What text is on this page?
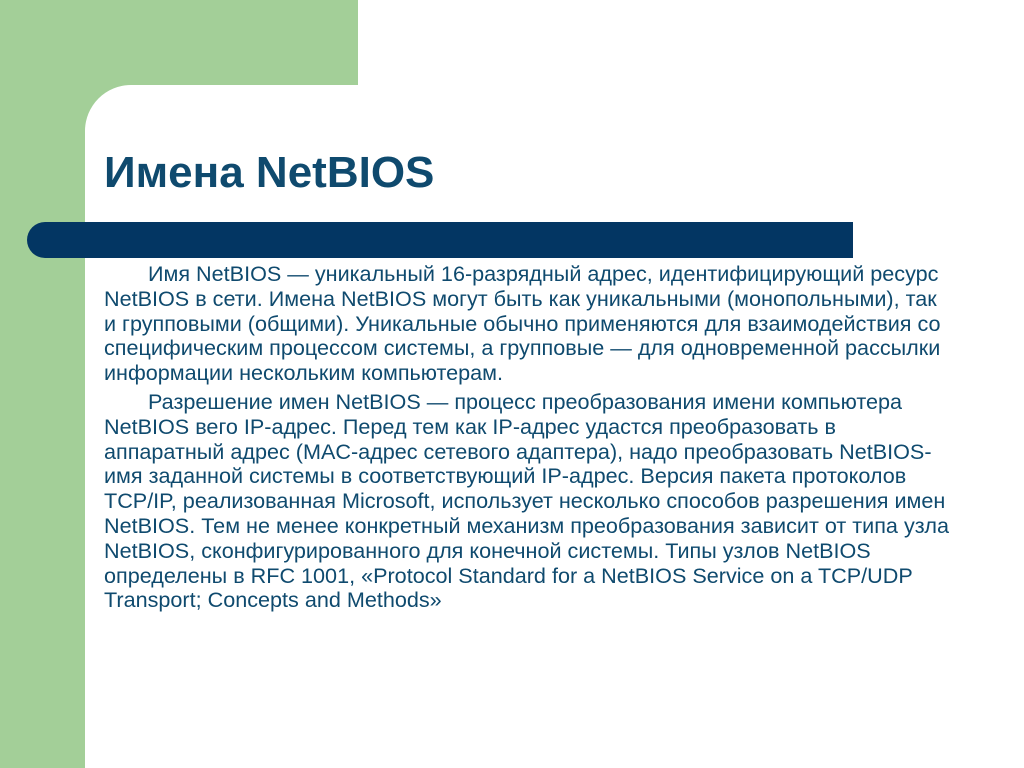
Имена NetBIOS

Имя NetBIOS — уникальный 16-разрядный адрес, идентифицирующий ресурс NetBIOS в сети. Имена NetBIOS могут быть как уникальными (монопольными), так и групповыми (общими). Уникальные обычно применяются для взаимодействия со специфическим процессом системы, а групповые — для одновременной рассылки информации нескольким компьютерам.

Разрешение имен NetBIOS — процесс преобразования имени компьютера NetBIOS вего IP-адрес. Перед тем как IP-адрес удастся преобразовать в аппаратный адрес (MAC-адрес сетевого адаптера), надо преобразовать NetBIOS-имя заданной системы в соответствующий IP-адрес. Версия пакета протоколов TCP/IP, реализованная Microsoft, использует несколько способов разрешения имен NetBIOS. Тем не менее конкретный механизм преобразования зависит от типа узла NetBIOS, сконфигурированного для конечной системы. Типы узлов NetBIOS определены в RFC 1001, «Protocol Standard for a NetBIOS Service on a TCP/UDP Transport; Concepts and Methods»
